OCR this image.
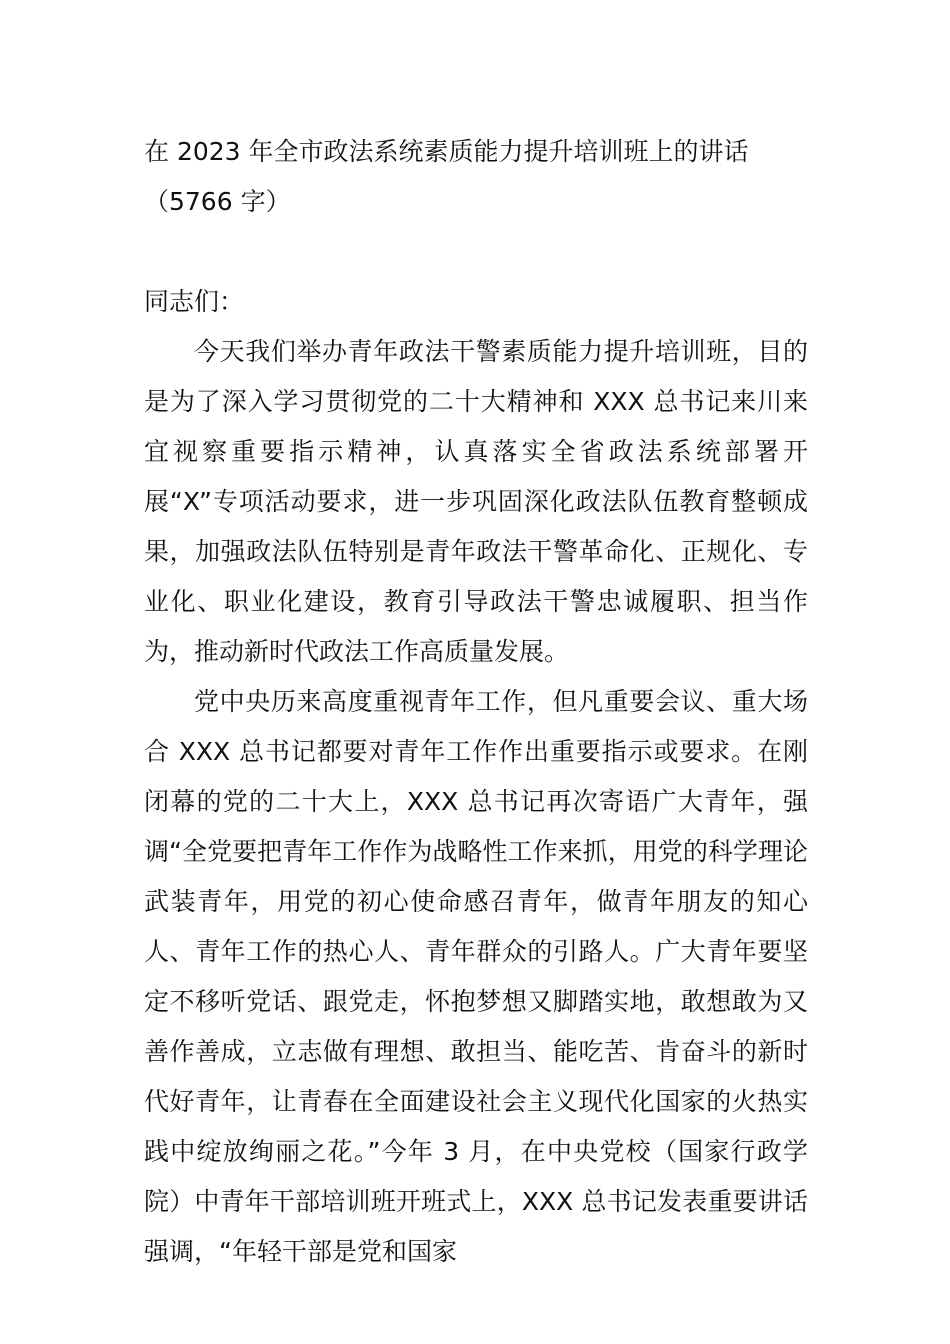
在 2023 年全市政法系统素质能力提升培训班上的讲话（5766 字）

同志们：

今天我们举办青年政法干警素质能力提升培训班，目的是为了深入学习贯彻党的二十大精神和 XXX 总书记来川来宜视察重要指示精神，认真落实全省政法系统部署开展“X”专项活动要求，进一步巩固深化政法队伍教育整顿成果，加强政法队伍特别是青年政法干警革命化、正规化、专业化、职业化建设，教育引导政法干警忠诚履职、担当作为，推动新时代政法工作高质量发展。

党中央历来高度重视青年工作，但凡重要会议、重大场合 XXX 总书记都要对青年工作作出重要指示或要求。在刚闭幕的党的二十大上，XXX 总书记再次寄语广大青年，强调“全党要把青年工作作为战略性工作来抓，用党的科学理论武装青年，用党的初心使命感召青年，做青年朋友的知心人、青年工作的热心人、青年群众的引路人。广大青年要坚定不移听党话、跟党走，怀抱梦想又脚踏实地，敢想敢为又善作善成，立志做有理想、敢担当、能吃苦、肯奋斗的新时代好青年，让青春在全面建设社会主义现代化国家的火热实践中绽放绚丽之花。”今年 3 月，在中央党校（国家行政学院）中青年干部培训班开班式上，XXX 总书记发表重要讲话强调，“年轻干部是党和国家
